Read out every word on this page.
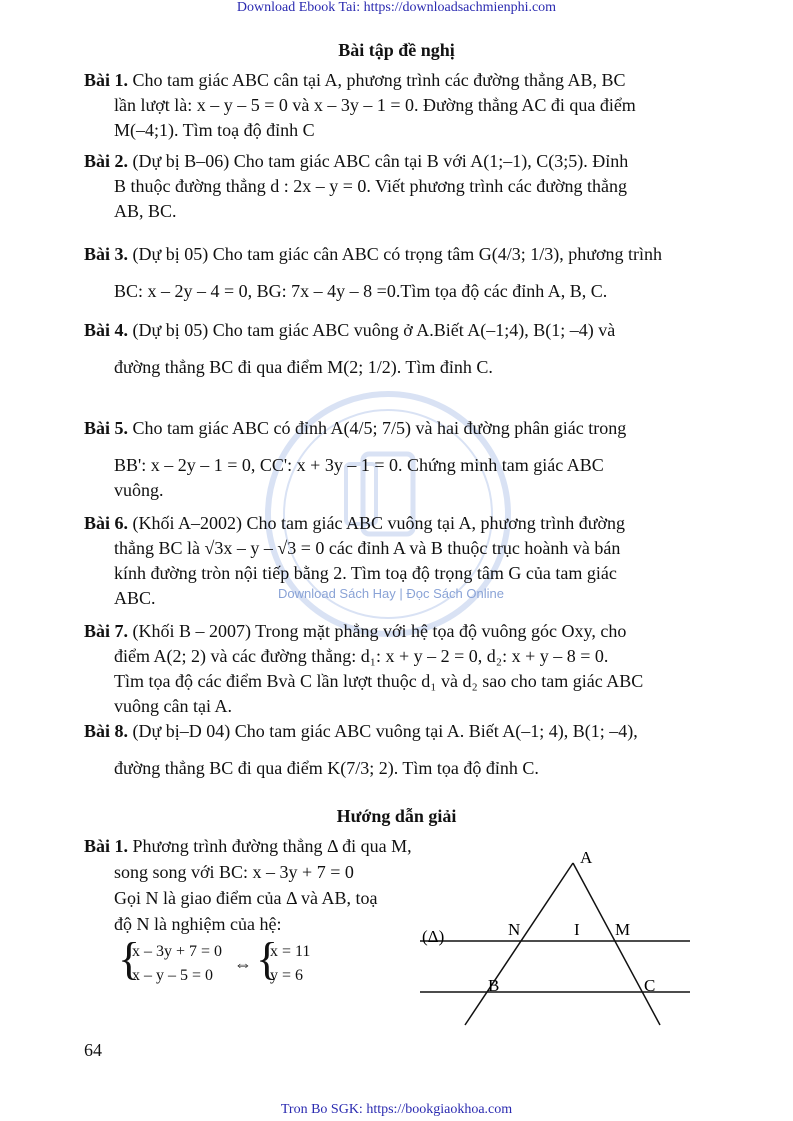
Download Ebook Tai: https://downloadsachmienphi.com
Download Sách Hay | Đọc Sách Online
Bài tập đề nghị
Bài 1. Cho tam giác ABC cân tại A, phương trình các đường thẳng AB, BC
lần lượt là: x – y – 5 = 0 và x – 3y – 1 = 0. Đường thẳng AC đi qua điểm
M(–4;1). Tìm toạ độ đỉnh C
Bài 2. (Dự bị B–06) Cho tam giác ABC cân tại B với A(1;–1), C(3;5). Đỉnh
B thuộc đường thẳng d : 2x – y = 0. Viết phương trình các đường thẳng
AB, BC.
Bài 3. (Dự bị 05) Cho tam giác cân ABC có trọng tâm G(4/3; 1/3), phương trình
BC: x – 2y – 4 = 0, BG: 7x – 4y – 8 =0.Tìm tọa độ các đỉnh A, B, C.
Bài 4. (Dự bị 05) Cho tam giác ABC vuông ở A.Biết A(–1;4), B(1; –4) và
đường thẳng BC đi qua điểm M(2; 1/2). Tìm đỉnh C.
Bài 5. Cho tam giác ABC có đỉnh A(4/5; 7/5) và hai đường phân giác trong
BB': x – 2y – 1 = 0, CC': x + 3y – 1 = 0. Chứng minh tam giác ABC
vuông.
Bài 6. (Khối A–2002) Cho tam giác ABC vuông tại A, phương trình đường
thẳng BC là √3x – y – √3 = 0 các đỉnh A và B thuộc trục hoành và bán
kính đường tròn nội tiếp bằng 2. Tìm toạ độ trọng tâm G của tam giác
ABC.
Bài 7. (Khối B – 2007) Trong mặt phẳng với hệ tọa độ vuông góc Oxy, cho
điểm A(2; 2) và các đường thẳng: d₁: x + y – 2 = 0, d₂: x + y – 8 = 0.
Tìm tọa độ các điểm Bvà C lần lượt thuộc d₁ và d₂ sao cho tam giác ABC
vuông cân tại A.
Bài 8. (Dự bị–D 04) Cho tam giác ABC vuông tại A. Biết A(–1; 4), B(1; –4),
đường thẳng BC đi qua điểm K(7/3; 2). Tìm tọa độ đỉnh C.
Hướng dẫn giải
Bài 1. Phương trình đường thẳng Δ đi qua M,
song song với BC: x – 3y + 7 = 0
Gọi N là giao điểm của Δ và AB, toạ
độ N là nghiệm của hệ:
{
x – 3y + 7 = 0
x – y – 5 = 0
⇔ {
x = 11
y = 6
A
N	I M
B	C
(Δ)
64
Tron Bo SGK: https://bookgiaokhoa.com
